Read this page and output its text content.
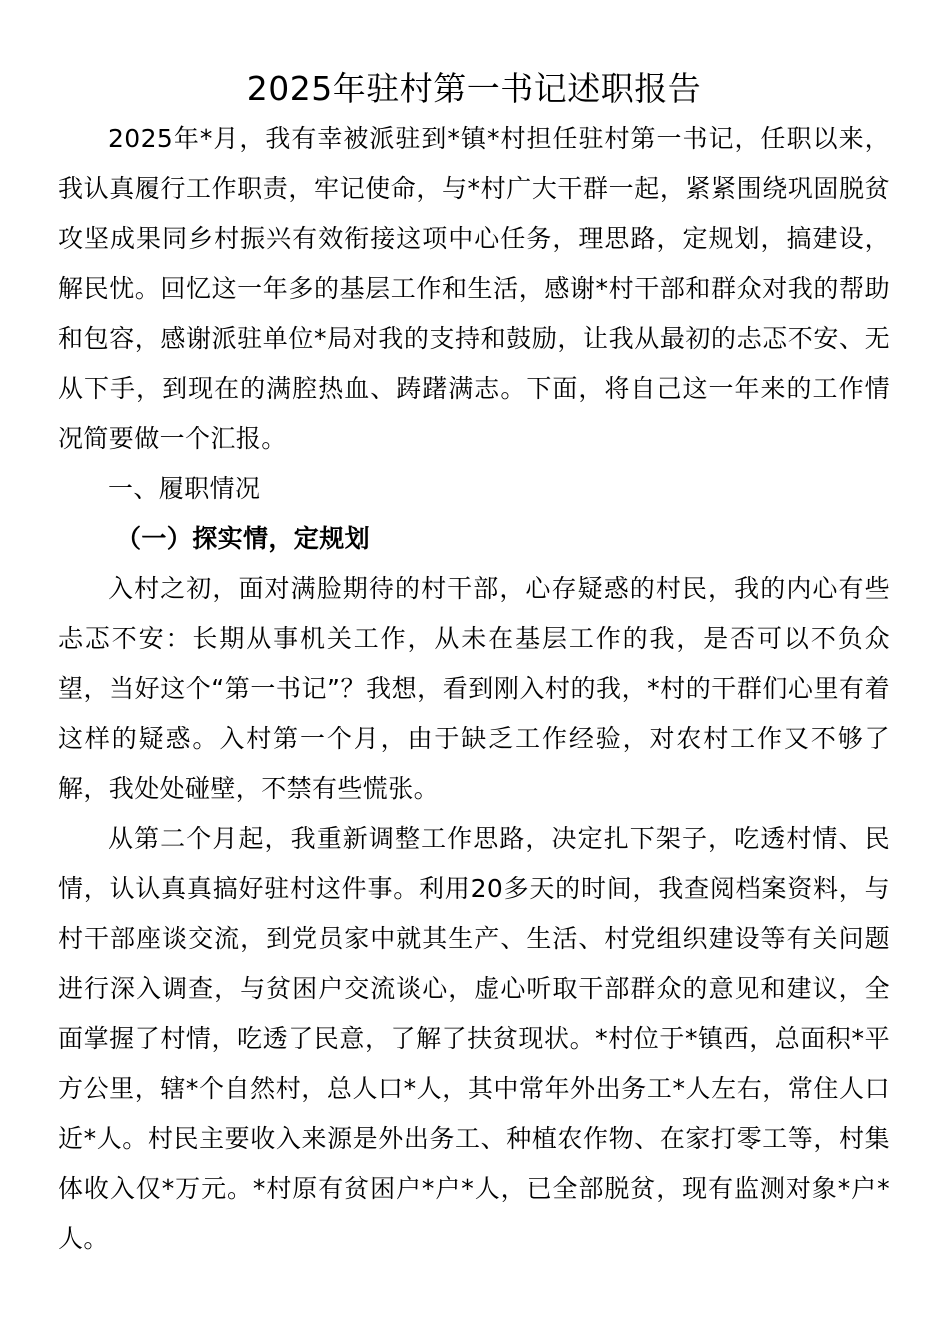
2025年驻村第一书记述职报告

2025年*月，我有幸被派驻到*镇*村担任驻村第一书记，任职以来，我认真履行工作职责，牢记使命，与*村广大干群一起，紧紧围绕巩固脱贫攻坚成果同乡村振兴有效衔接这项中心任务，理思路，定规划，搞建设，解民忧。回忆这一年多的基层工作和生活，感谢*村干部和群众对我的帮助和包容，感谢派驻单位*局对我的支持和鼓励，让我从最初的忐忑不安、无从下手，到现在的满腔热血、踌躇满志。下面，将自己这一年来的工作情况简要做一个汇报。

一、履职情况

（一）探实情，定规划

入村之初，面对满脸期待的村干部，心存疑惑的村民，我的内心有些忐忑不安：长期从事机关工作，从未在基层工作的我，是否可以不负众望，当好这个“第一书记”？我想，看到刚入村的我，*村的干群们心里有着这样的疑惑。入村第一个月，由于缺乏工作经验，对农村工作又不够了解，我处处碰壁，不禁有些慌张。

从第二个月起，我重新调整工作思路，决定扎下架子，吃透村情、民情，认认真真搞好驻村这件事。利用20多天的时间，我查阅档案资料，与村干部座谈交流，到党员家中就其生产、生活、村党组织建设等有关问题进行深入调查，与贫困户交流谈心，虚心听取干部群众的意见和建议，全面掌握了村情，吃透了民意，了解了扶贫现状。*村位于*镇西，总面积*平方公里，辖*个自然村，总人口*人，其中常年外出务工*人左右，常住人口近*人。村民主要收入来源是外出务工、种植农作物、在家打零工等，村集体收入仅*万元。*村原有贫困户*户*人，已全部脱贫，现有监测对象*户*人。
